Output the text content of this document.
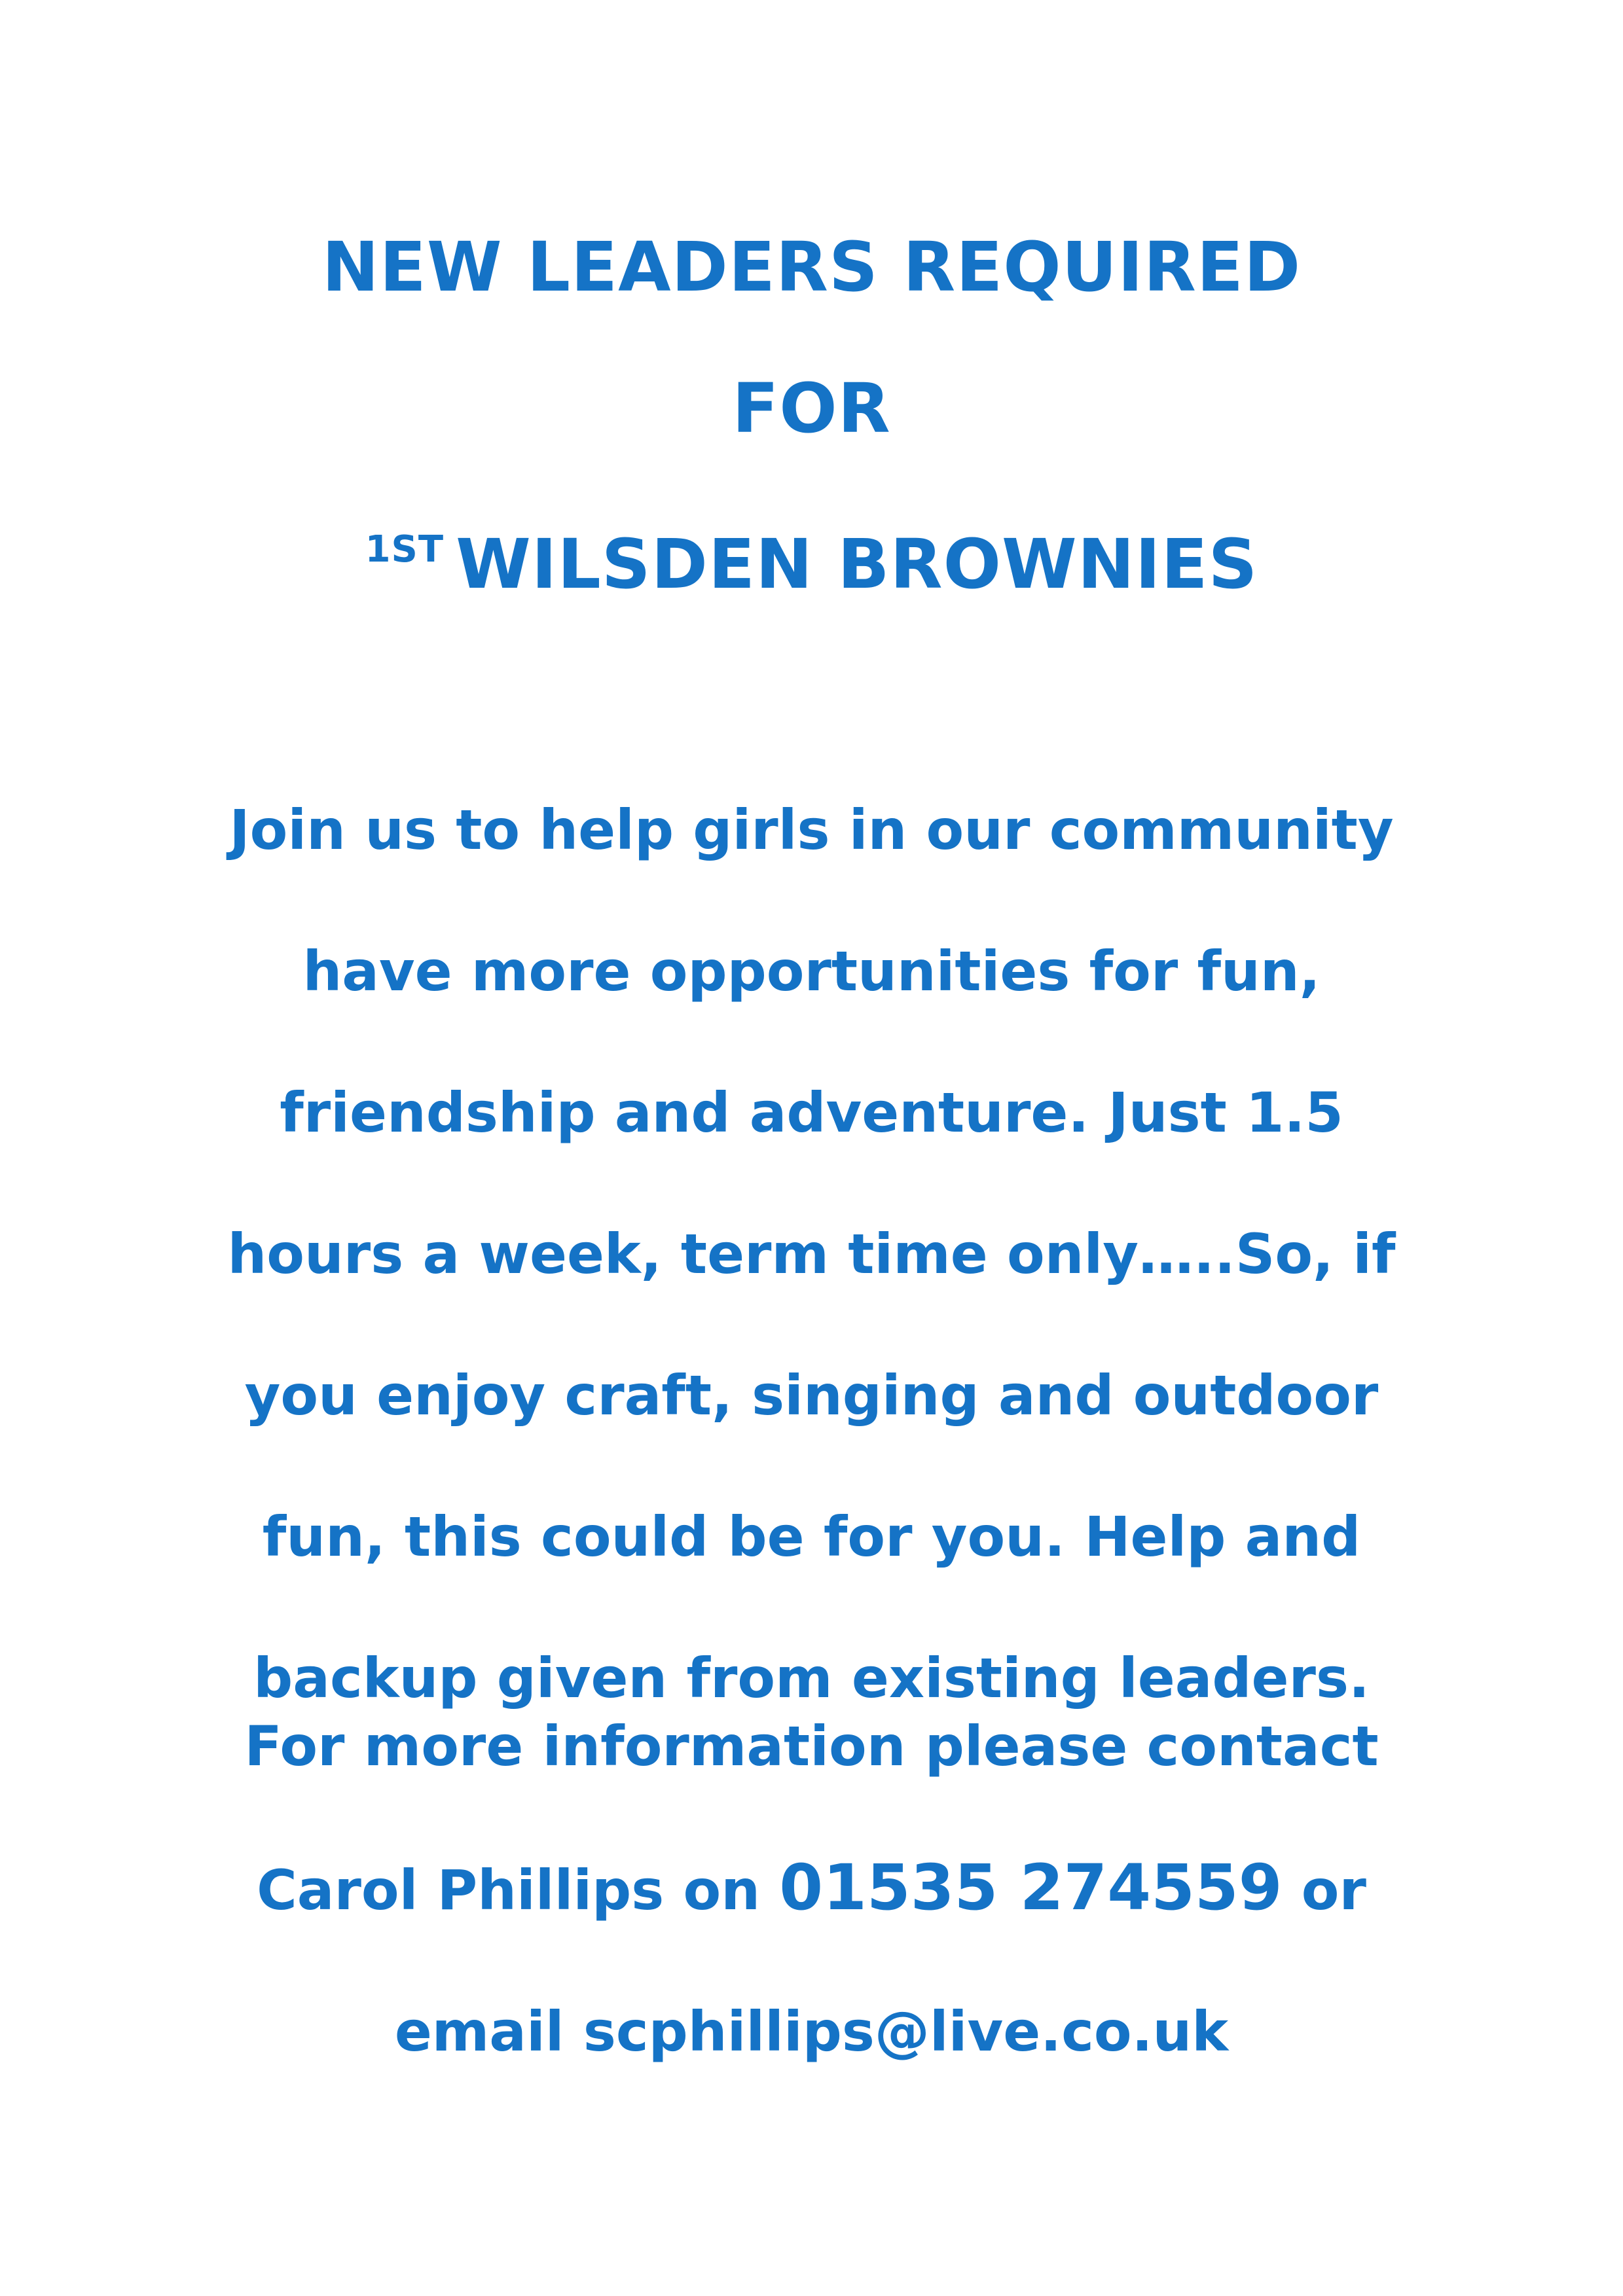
NEW LEADERS REQUIRED
FOR
$^{1ST}$ WILSDEN BROWNIES
Join us to help girls in our community
have more opportunities for fun,
friendship and adventure. Just 1.5
hours a week, term time only…..So, if
you enjoy craft, singing and outdoor
fun, this could be for you. Help and
backup given from existing leaders.
For more information please contact
Carol Phillips on 01535 274559 or
email scphillips@live.co.uk
